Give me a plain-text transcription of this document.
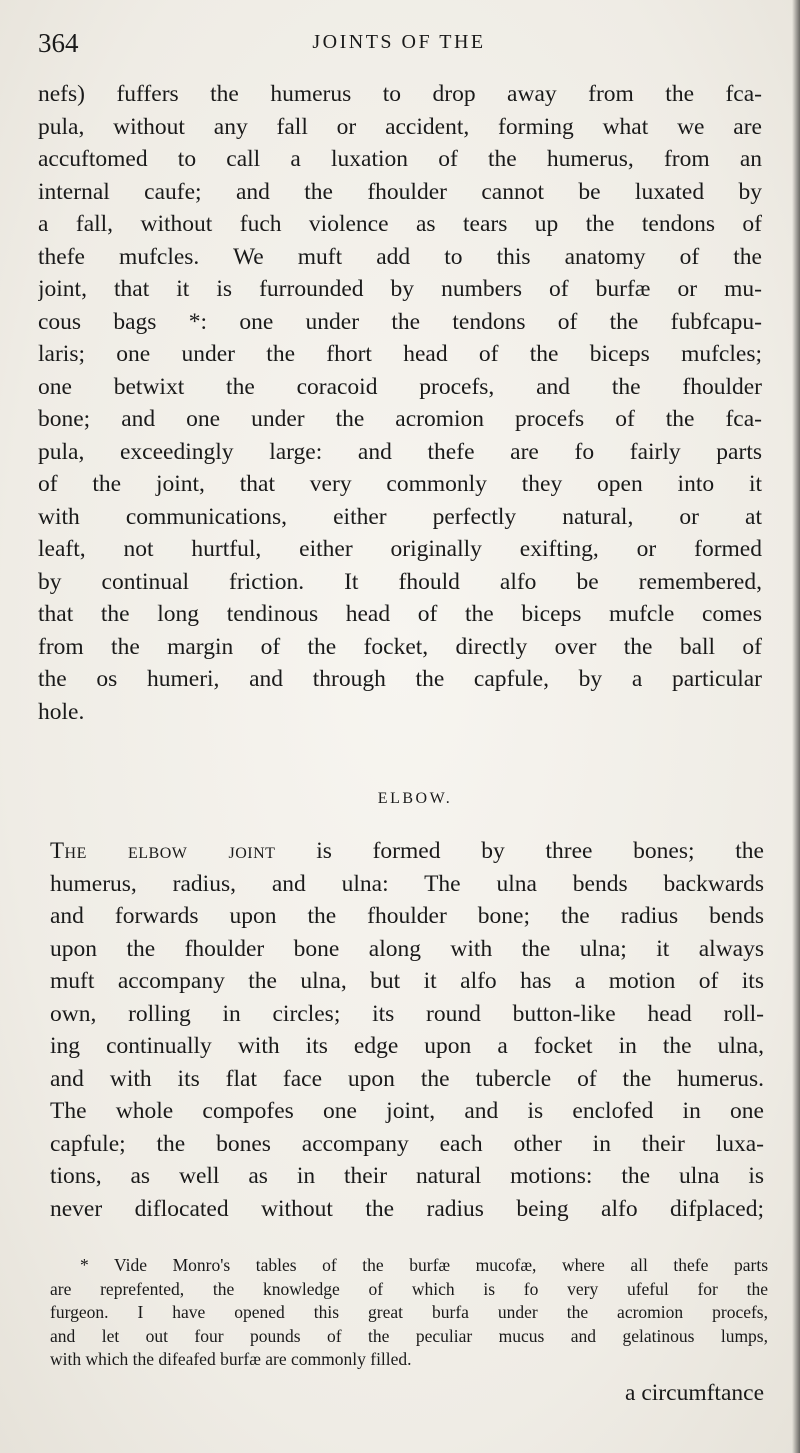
364	JOINTS OF THE
nefs) fuffers the humerus to drop away from the fca-
pula, without any fall or accident, forming what we are
accuftomed to call a luxation of the humerus, from an
internal caufe; and the fhoulder cannot be luxated by
a fall, without fuch violence as tears up the tendons of
thefe mufcles. We muft add to this anatomy of the
joint, that it is furrounded by numbers of burfæ or mu-
cous bags *: one under the tendons of the fubfcapu-
laris; one under the fhort head of the biceps mufcles;
one betwixt the coracoid procefs, and the fhoulder
bone; and one under the acromion procefs of the fca-
pula, exceedingly large: and thefe are fo fairly parts
of the joint, that very commonly they open into it
with communications, either perfectly natural, or at
leaft, not hurtful, either originally exifting, or formed
by continual friction. It fhould alfo be remembered,
that the long tendinous head of the biceps mufcle comes
from the margin of the focket, directly over the ball of
the os humeri, and through the capfule, by a particular
hole.
ELBOW.
The elbow joint is formed by three bones; the
humerus, radius, and ulna: The ulna bends backwards
and forwards upon the fhoulder bone; the radius bends
upon the fhoulder bone along with the ulna; it always
muft accompany the ulna, but it alfo has a motion of its
own, rolling in circles; its round button-like head roll-
ing continually with its edge upon a focket in the ulna,
and with its flat face upon the tubercle of the humerus.
The whole compofes one joint, and is enclofed in one
capfule; the bones accompany each other in their luxa-
tions, as well as in their natural motions: the ulna is
never diflocated without the radius being alfo difplaced;
* Vide Monro's tables of the burfæ mucofæ, where all thefe parts
are reprefented, the knowledge of which is fo very ufeful for the
furgeon. I have opened this great burfa under the acromion procefs,
and let out four pounds of the peculiar mucus and gelatinous lumps,
with which the difeafed burfæ are commonly filled.
a circumftance
